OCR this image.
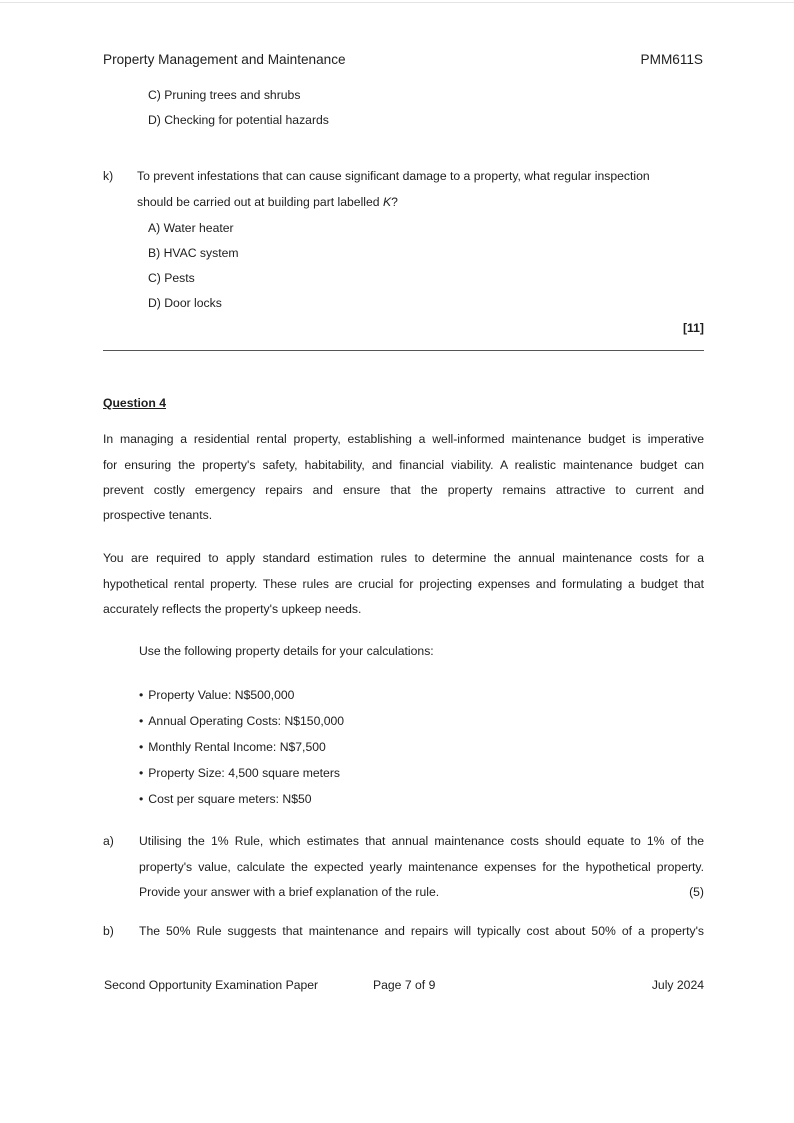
Property Management and Maintenance	PMM611S
C) Pruning trees and shrubs
D) Checking for potential hazards
k) To prevent infestations that can cause significant damage to a property, what regular inspection
should be carried out at building part labelled K?
A) Water heater
B) HVAC system
C) Pests
D) Door locks
[11]
Question 4
In managing a residential rental property, establishing a well-informed maintenance budget is imperative
for ensuring the property's safety, habitability, and financial viability. A realistic maintenance budget can
prevent costly emergency repairs and ensure that the property remains attractive to current and
prospective tenants.
You are required to apply standard estimation rules to determine the annual maintenance costs for a
hypothetical rental property. These rules are crucial for projecting expenses and formulating a budget that
accurately reflects the property's upkeep needs.
Use the following property details for your calculations:
• Property Value: N$500,000
• Annual Operating Costs: N$150,000
• Monthly Rental Income: N$7,500
• Property Size: 4,500 square meters
• Cost per square meters: N$50
a) Utilising the 1% Rule, which estimates that annual maintenance costs should equate to 1% of the
property's value, calculate the expected yearly maintenance expenses for the hypothetical property.
Provide your answer with a brief explanation of the rule.	(5)
b) The 50% Rule suggests that maintenance and repairs will typically cost about 50% of a property's
Second Opportunity Examination Paper	Page 7 of 9	July 2024
